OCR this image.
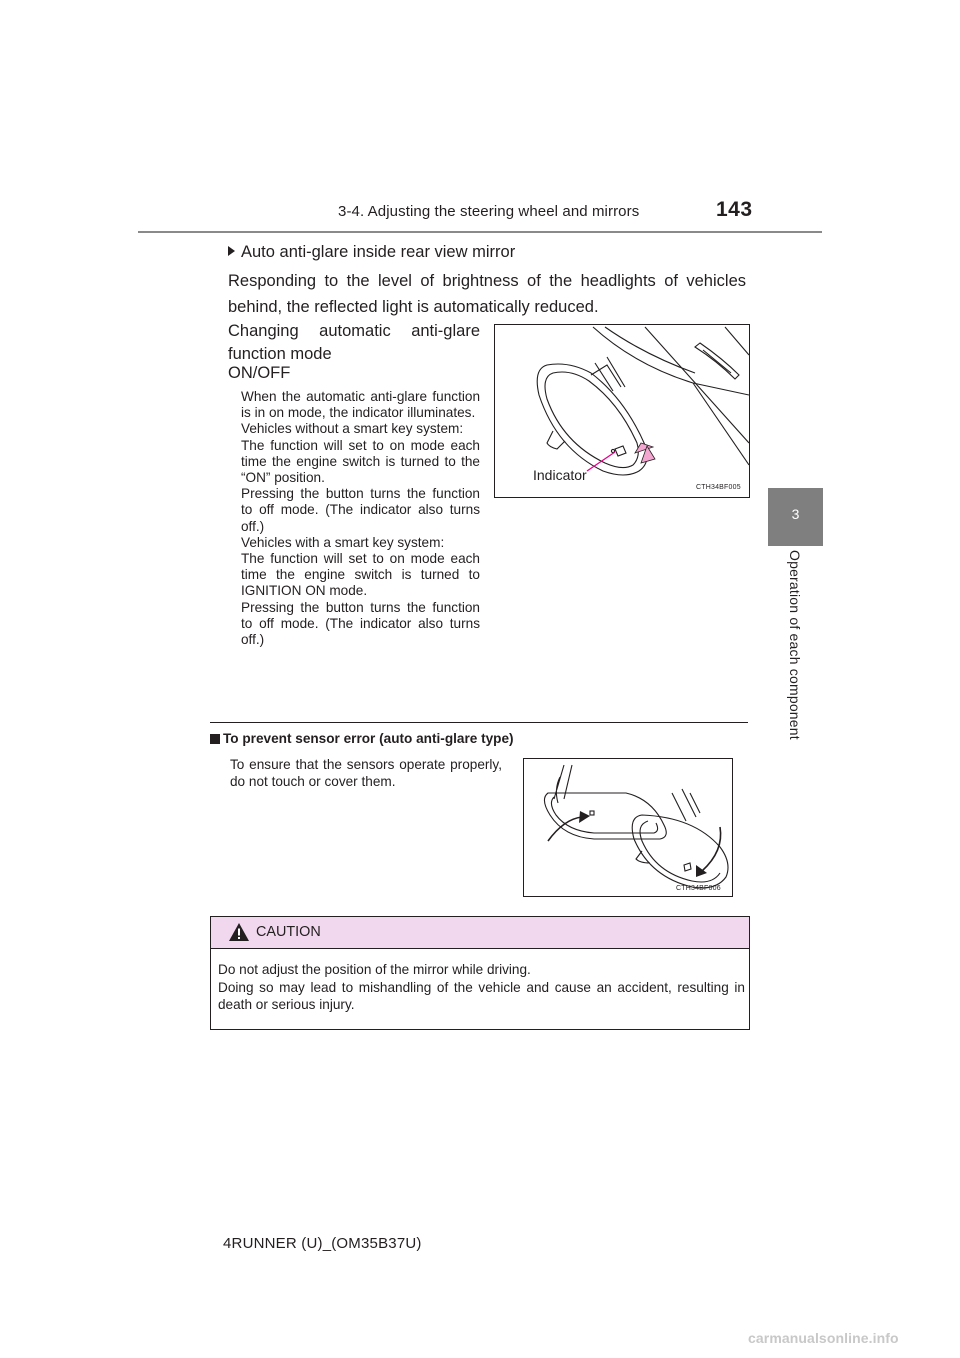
3-4. Adjusting the steering wheel and mirrors	143
3
Operation of each component
Auto anti-glare inside rear view mirror
Responding to the level of brightness of the headlights of vehicles behind, the reflected light is automatically reduced.
Changing automatic anti-glare function mode
ON/OFF

When the automatic anti-glare function is in on mode, the indicator illuminates.

Vehicles without a smart key system:

The function will set to on mode each time the engine switch is turned to the “ON” position.

Pressing the button turns the function to off mode. (The indicator also turns off.)

Vehicles with a smart key system:

The function will set to on mode each time the engine switch is turned to IGNITION ON mode.

Pressing the button turns the function to off mode. (The indicator also turns off.)

Indicator
CTH34BF005
To prevent sensor error (auto anti-glare type)
To ensure that the sensors operate properly, do not touch or cover them.
CTH34BF006
CAUTION

Do not adjust the position of the mirror while driving.

Doing so may lead to mishandling of the vehicle and cause an accident, resulting in death or serious injury.

4RUNNER (U)_(OM35B37U)
carmanualsonline.info
